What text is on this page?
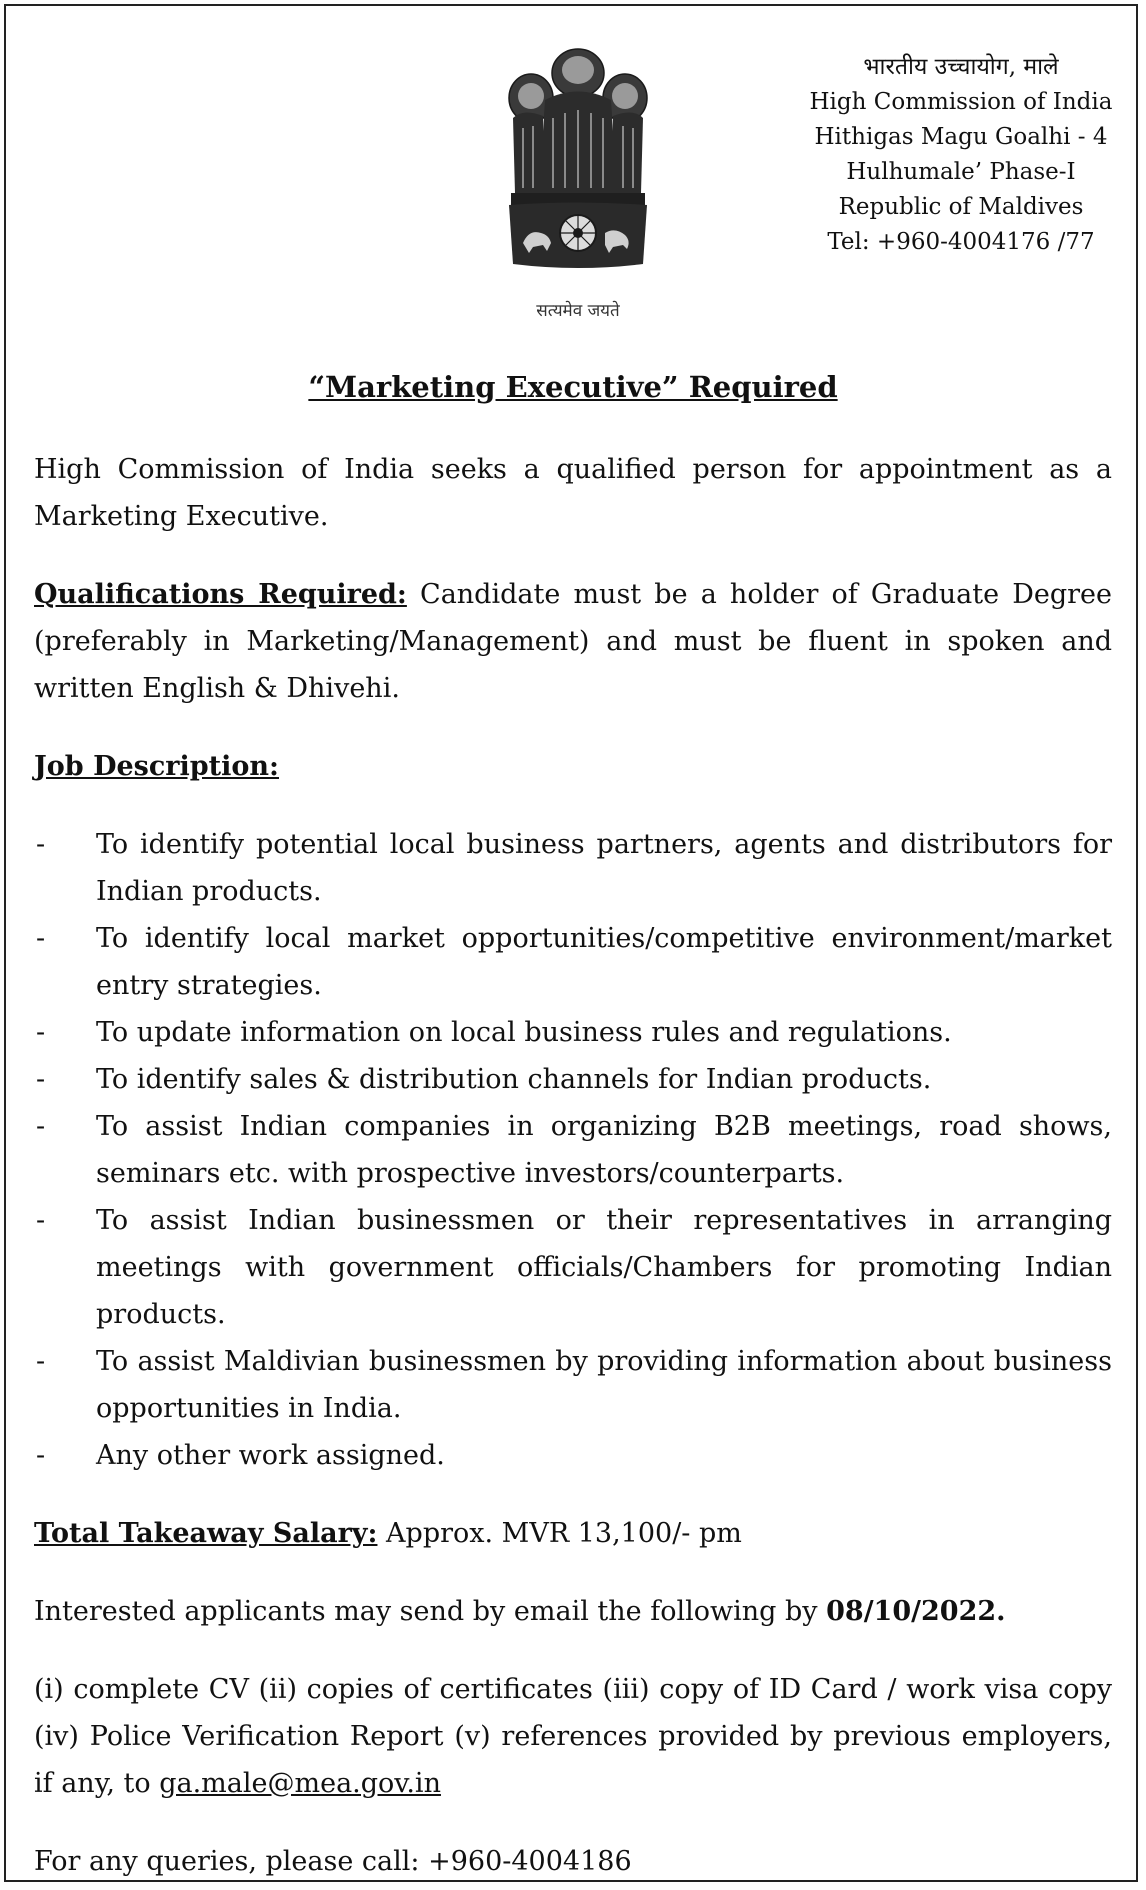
सत्यमेव जयते
भारतीय उच्चायोग, माले
High Commission of India
Hithigas Magu Goalhi - 4
Hulhumale’ Phase-I
Republic of Maldives
Tel: +960-4004176 /77
“Marketing Executive” Required

High Commission of India seeks a qualified person for appointment as a Marketing Executive.

Qualifications Required: Candidate must be a holder of Graduate Degree (preferably in Marketing/Management) and must be fluent in spoken and written English & Dhivehi.

Job Description:

- To identify potential local business partners, agents and distributors for Indian products.
- To identify local market opportunities/competitive environment/market entry strategies.
- To update information on local business rules and regulations.
- To identify sales & distribution channels for Indian products.
- To assist Indian companies in organizing B2B meetings, road shows, seminars etc. with prospective investors/counterparts.
- To assist Indian businessmen or their representatives in arranging meetings with government officials/Chambers for promoting Indian products.
- To assist Maldivian businessmen by providing information about business opportunities in India.
- Any other work assigned.

Total Takeaway Salary: Approx. MVR 13,100/- pm

Interested applicants may send by email the following by 08/10/2022.

(i) complete CV (ii) copies of certificates (iii) copy of ID Card / work visa copy (iv) Police Verification Report (v) references provided by previous employers, if any, to ga.male@mea.gov.in

For any queries, please call: +960-4004186
